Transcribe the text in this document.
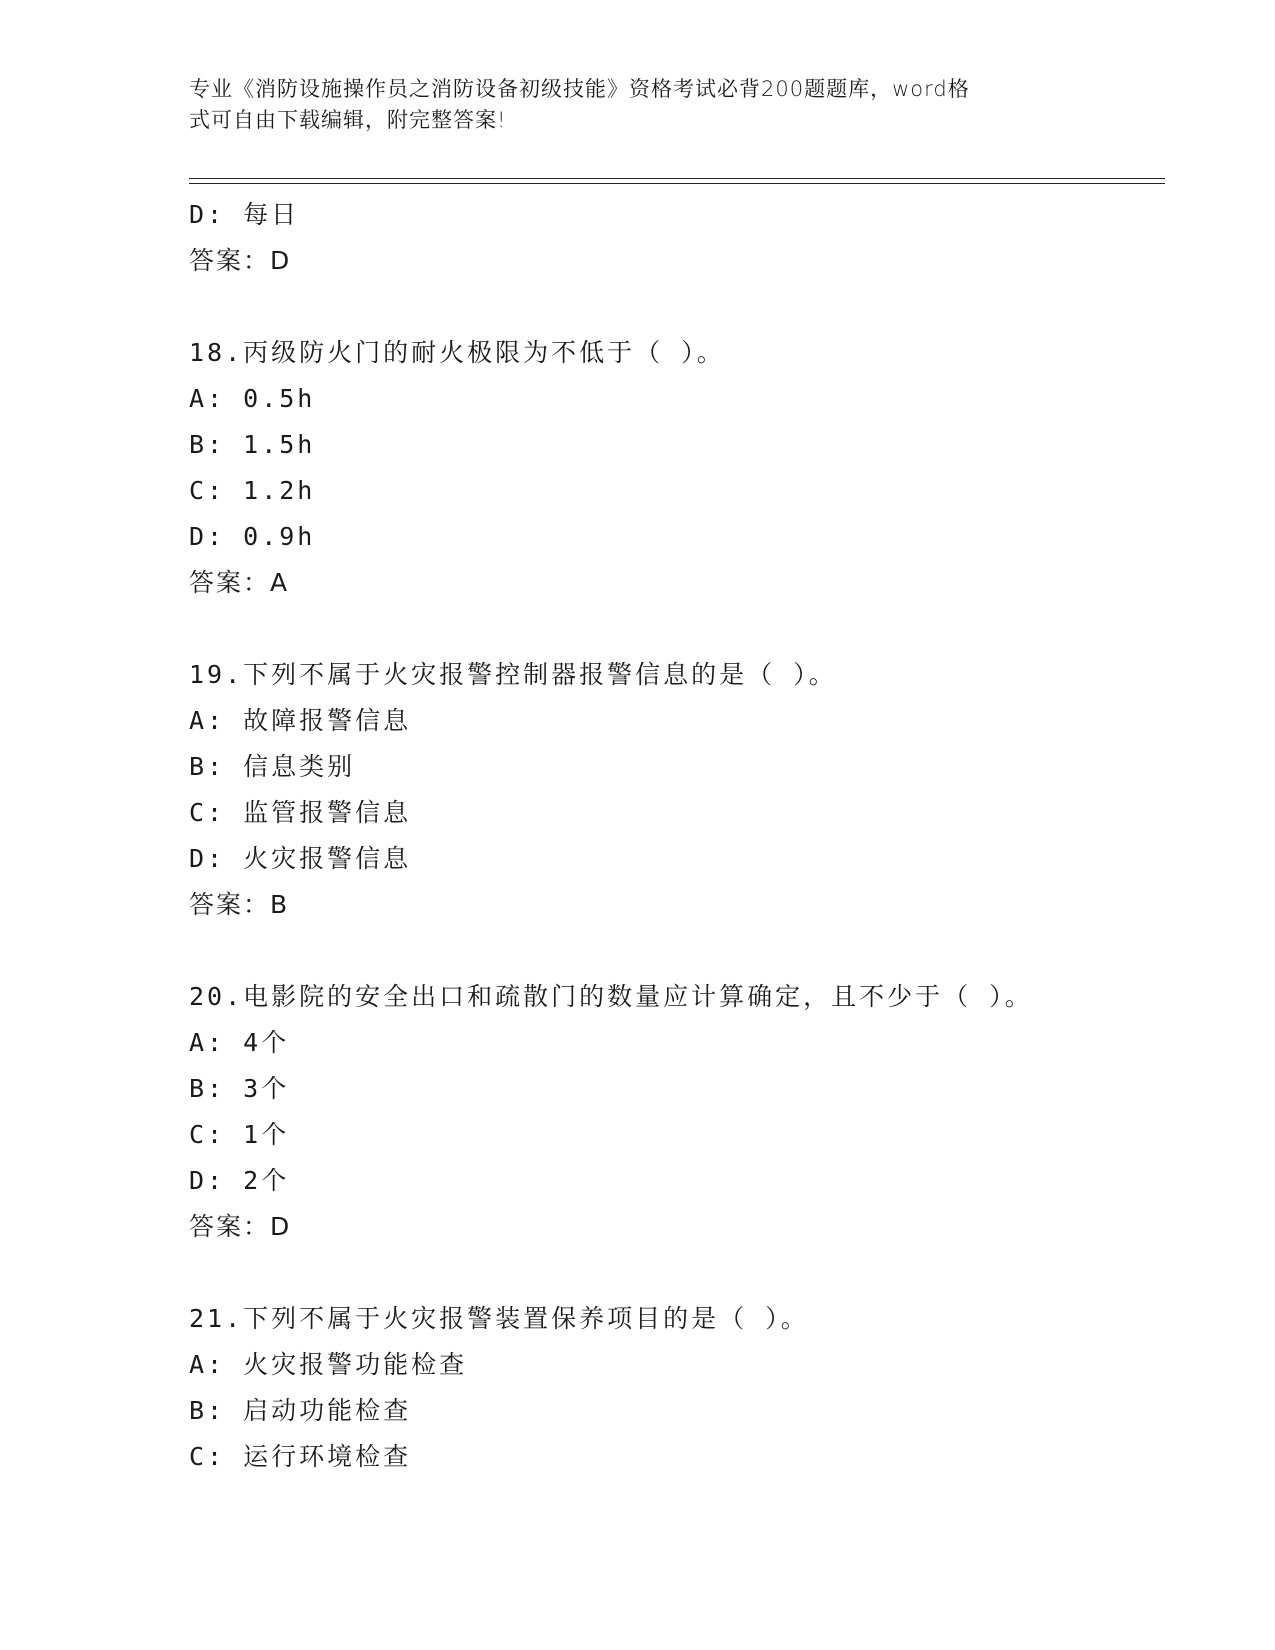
专业《消防设施操作员之消防设备初级技能》资格考试必背200题题库，word格
式可自由下载编辑，附完整答案!
D: 每日
答案：D
18.丙级防火门的耐火极限为不低于（ ）。
A: 0.5h
B: 1.5h
C: 1.2h
D: 0.9h
答案：A
19.下列不属于火灾报警控制器报警信息的是（ ）。
A: 故障报警信息
B: 信息类别
C: 监管报警信息
D: 火灾报警信息
答案：B
20.电影院的安全出口和疏散门的数量应计算确定，且不少于（ ）。
A: 4个
B: 3个
C: 1个
D: 2个
答案：D
21.下列不属于火灾报警装置保养项目的是（ ）。
A: 火灾报警功能检查
B: 启动功能检查
C: 运行环境检查
